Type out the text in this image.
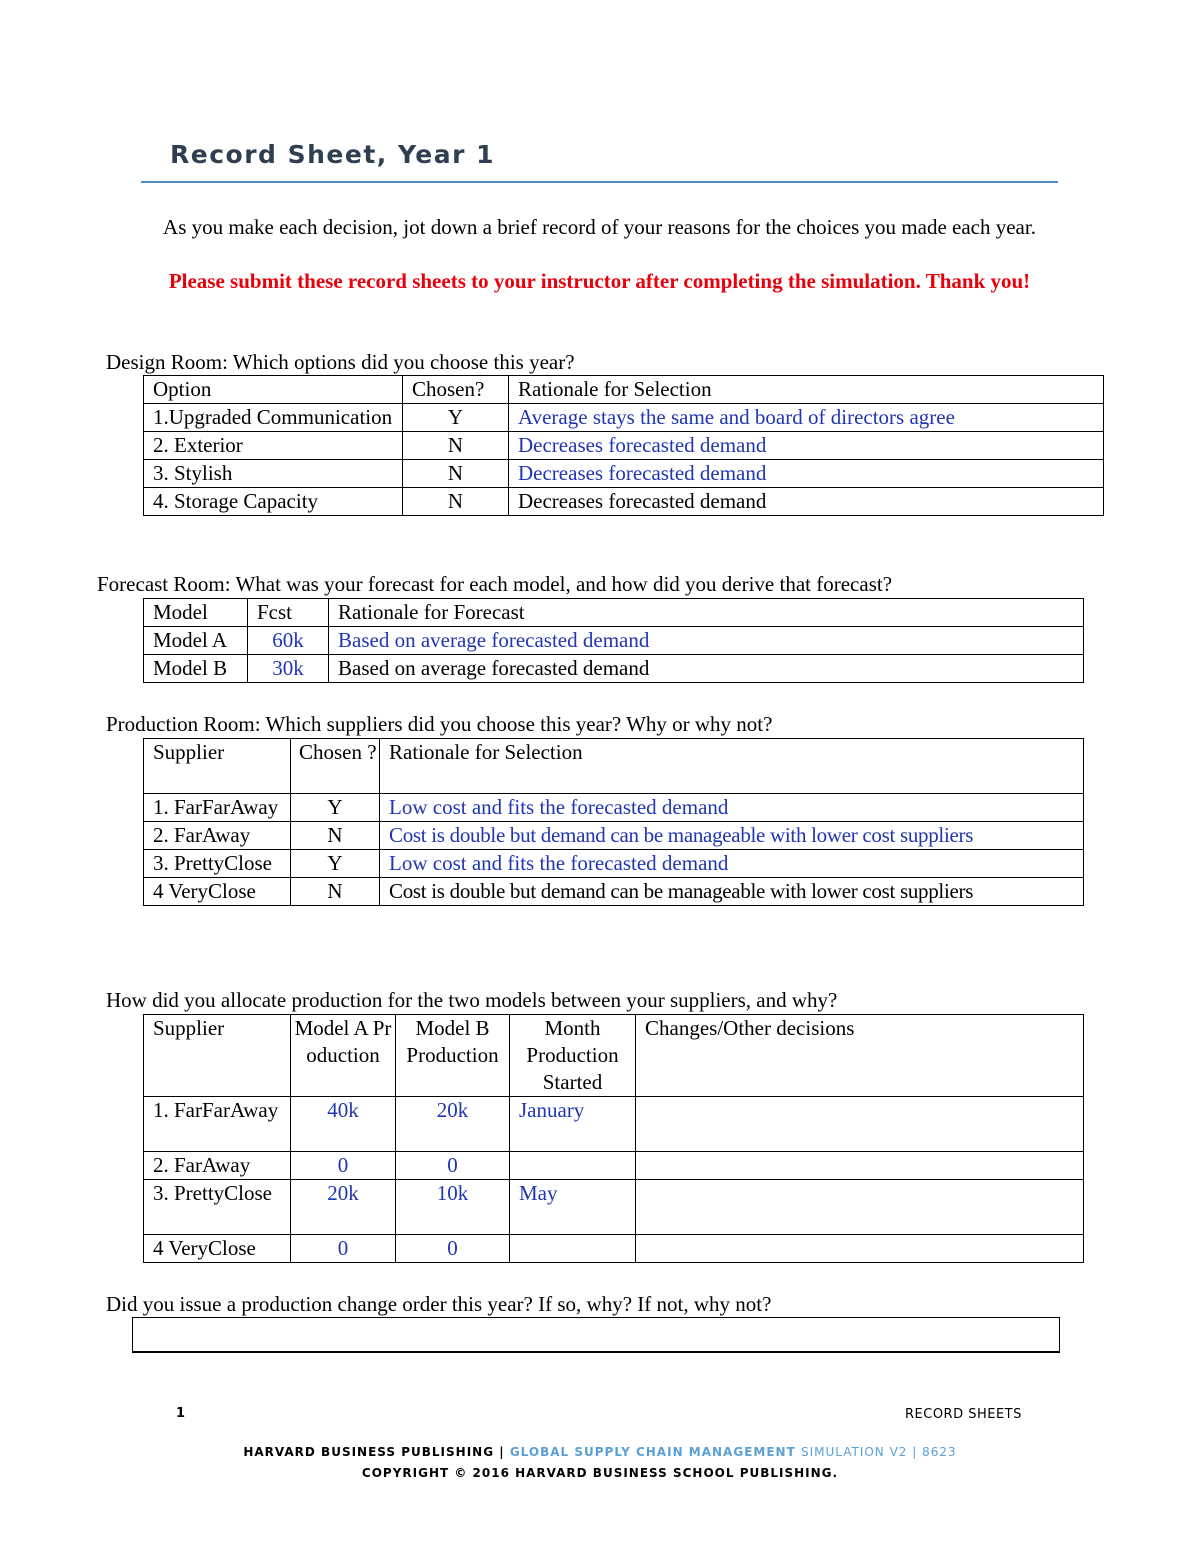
Record Sheet, Year 1
As you make each decision, jot down a brief record of your reasons for the choices you made each year.
Please submit these record sheets to your instructor after completing the simulation. Thank you!
Design Room: Which options did you choose this year?
Option	Chosen?	Rationale for Selection
1.Upgraded Communication	Y	Average stays the same and board of directors agree
2. Exterior	N	Decreases forecasted demand
3. Stylish	N	Decreases forecasted demand
4. Storage Capacity	N	Decreases forecasted demand
Forecast Room: What was your forecast for each model, and how did you derive that forecast?
Model	Fcst	Rationale for Forecast
Model A	60k	Based on average forecasted demand
Model B	30k	Based on average forecasted demand
Production Room: Which suppliers did you choose this year? Why or why not?
Supplier	Chosen ?	Rationale for Selection
1. FarFarAway	Y	Low cost and fits the forecasted demand
2. FarAway	N	Cost is double but demand can be manageable with lower cost suppliers
3. PrettyClose	Y	Low cost and fits the forecasted demand
4 VeryClose	N	Cost is double but demand can be manageable with lower cost suppliers
How did you allocate production for the two models between your suppliers, and why?
Supplier	Model A Production	Model B Production	Month Production Started	Changes/Other decisions
1. FarFarAway	40k	20k	January	
2. FarAway	0	0		
3. PrettyClose	20k	10k	May	
4 VeryClose	0	0		
Did you issue a production change order this year? If so, why? If not, why not?
1	RECORD SHEETS
HARVARD BUSINESS PUBLISHING | GLOBAL SUPPLY CHAIN MANAGEMENT SIMULATION V2 | 8623
COPYRIGHT © 2016 HARVARD BUSINESS SCHOOL PUBLISHING.
